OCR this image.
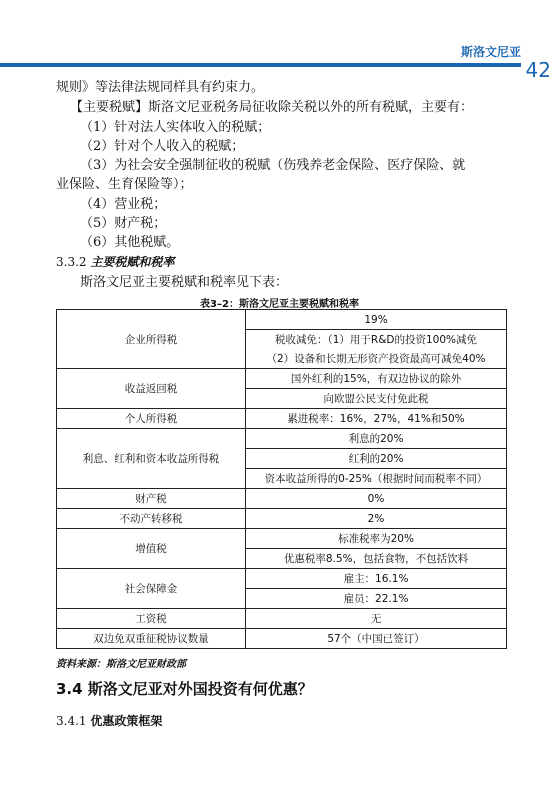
斯洛文尼亚
42
规则》等法律法规同样具有约束力。
【主要税赋】斯洛文尼亚税务局征收除关税以外的所有税赋，主要有：
（1）针对法人实体收入的税赋；
（2）针对个人收入的税赋；
（3）为社会安全强制征收的税赋（伤残养老金保险、医疗保险、就
业保险、生育保险等）；
（4）营业税；
（5）财产税；
（6）其他税赋。
3.3.2 主要税赋和税率
斯洛文尼亚主要税赋和税率见下表：
表3–2：斯洛文尼亚主要税赋和税率
企业所得税	19%
	税收减免：（1）用于R&D的投资100%减免
	（2）设备和长期无形资产投资最高可减免40%
收益返回税	国外红利的15%，有双边协议的除外
	向欧盟公民支付免此税
个人所得税	累进税率：16%，27%，41%和50%
利息、红利和资本收益所得税	利息的20%
	红利的20%
	资本收益所得的0-25%（根据时间而税率不同）
财产税	0%
不动产转移税	2%
增值税	标准税率为20%
	优惠税率8.5%，包括食物，不包括饮料
社会保障金	雇主：16.1%
	雇员：22.1%
工资税	无
双边免双重征税协议数量	57个（中国已签订）
资料来源：斯洛文尼亚财政部
3.4 斯洛文尼亚对外国投资有何优惠？
3.4.1 优惠政策框架
